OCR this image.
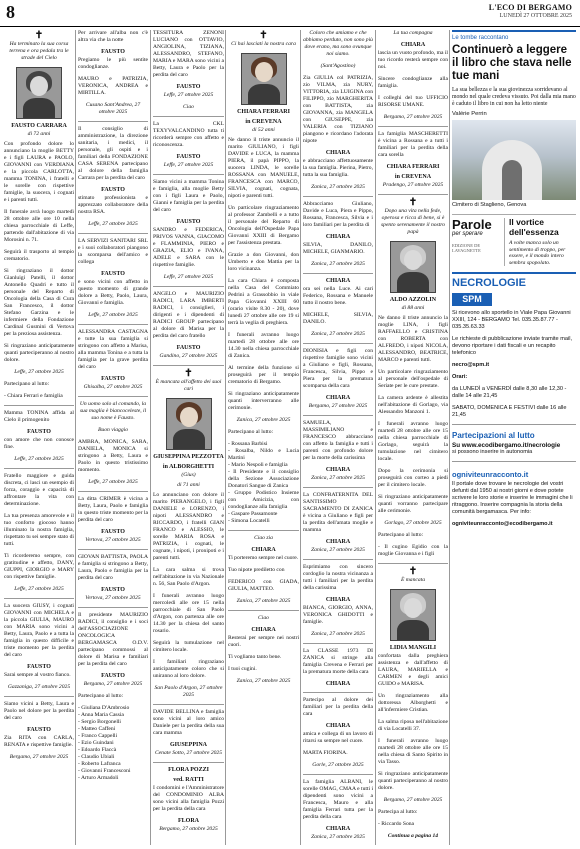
8	L'ECO DI BERGAMO
LUNEDÌ 27 OTTOBRE 2025
✝

Ha terminato la sua corsa terrena e ora pedala tra le strade del Cielo

FAUSTO CARRARA
di 72 anni

Con profondo dolore lo annunciano la moglie BETTY e i figli LAURA e PAOLO, GIOVANNI con VERDIANA e la piccola CARLOTTA, mamma TONINA, i fratelli e le sorelle con rispettive famiglie, la suocera, i cognati e i parenti tutti.

Il funerale avrà luogo martedì 28 ottobre alle ore 10 nella chiesa parrocchiale di Leffe, partendo dall'abitazione di via Morosini n. 71.

Seguirà il trasporto al tempio crematorio.

Si ringraziano il dottor Gianluigi Patelli, il dottor Antonello Quadri e tutto il personale del Reparto di Oncologia della Casa di Cura San Francesco, il dottor Stefano Garzina e le infermiere della Fondazione Cardinal Gusmini di Vertova per la preziosa assistenza.

Si ringraziano anticipatamente quanti parteciperanno al nostro dolore.

Leffe, 27 ottobre 2025

Partecipano al lutto:

- Chiara Ferrari e famiglia

Mamma TONINA affida al Cielo il primogenito

FAUSTO

con amore che non conosce fine.

Leffe, 27 ottobre 2025

Fratello maggiore e guida discreta, ci lasci un esempio di forza, coraggio e capacità di affrontare la vita con determinazione.

La tua presenza amorevole e il tuo conforto giocoso hanno illuminato la nostra famiglia, rispettato tu sei sempre stato di tutti.

Ti ricorderemo sempre, con gratitudine e affetto, DANY, GIUPPI, GIORGIO e MARY con rispettive famiglie.

Leffe, 27 ottobre 2025

La suocera GIUSY, i cognati GIOVANNI con MICHELA e la piccola GIULIA, MAURO con MARIA sono vicini a Betty, Laura, Paolo e a tutta la famiglia in questo difficile e triste momento per la perdita del caro

FAUSTO

Sarai sempre al vostro fianco.

Gazzaniga, 27 ottobre 2025

Siamo vicini a Betty, Laura e Paolo nel dolore per la perdita del caro

FAUSTO

Zia RITA con CARLA, RENATA e rispettive famiglie.

Bergamo, 27 ottobre 2025

Per arrivare all'alba non c'è altra via che la notte

FAUSTO

Pregiamo le più sentite condoglianze.

MAURO e PATRIZIA, VERONICA, ANDREA e MIRTILLA.

Cusano Sant'Andrea, 27 ottobre 2025

Il consiglio di amministrazione, la direzione sanitaria, i medici, il personale, gli ospiti e i familiari della FONDAZIONE CASA SERENA partecipano al dolore della famiglia Carrara per la perdita del caro

FAUSTO

stimato professionista e apprezzato collaboratore della nostra RSA.

Leffe, 27 ottobre 2025

LA SERVIZI SANITARI SRL e i suoi collaboratori piangono la scomparsa dell'amico e collega

FAUSTO

e sono vicini con affetto in questo momento di grande dolore a Betty, Paolo, Laura, Giovanni e famiglia.

Leffe, 27 ottobre 2025

ALESSANDRA CASTAGNA e tutte la sua famiglia si stringono con affetto a Marisa, alla mamma Tonina e a tutta la famiglia per la grave perdita del caro

FAUSTO

Ghisalba, 27 ottobre 2025

Un uomo solo al comando, la sua maglia è biancoceleste, il suo nome è Fausto.

Buon viaggio

AMBRA, MONICA, SARA, DANIELA, MONICA si stringono a Betty, Laura e Paolo in questo tristissimo momento.

Leffe, 27 ottobre 2025

La ditta CRIMER è vicina a Betty, Laura, Paolo e famiglia in questo triste momento per la perdita del caro

FAUSTO

Vertova, 27 ottobre 2025

GIOVAN BATTISTA, PAOLA e famiglia si stringono a Betty, Laura, Paolo e famiglia per la perdita del caro

FAUSTO

Vertova, 27 ottobre 2025

Il presidente MAURIZIO RADICI, il consiglio e i soci dell'ASSOCIAZIONE ONCOLOGICA BERGAMASCA O.D.V. partecipano commossi al dolore di Marisa e familiari per la perdita del caro

FAUSTO

Bergamo, 27 ottobre 2025

Partecipano al lutto:

- Giuliana D'Ambrosio
- Anna Maria Cassia
- Sergio Borgonelli
- Matteo Caffeni
- Franco Cappelli
- Ezio Guindani
- Edoardo Flaccà
- Claudio Ubiali
- Roberto Lafranca
- Giovanni Francesconi
- Arturo Armadoli

TESSITURA ZENONI LUCIANO con OTTAVIO, ANGIOLINA, TIZIANA, ALESSANDRO, STEFANO, MARIA e MARA sono vicini a Betty, Laura e Paolo per la perdita del caro

FAUSTO

Leffe, 27 ottobre 2025

Ciao

La CKL TEXYVALCANDINO tutta ti ricorderà sempre con affetto e riconoscenza.

FAUSTO

Leffe, 27 ottobre 2025

Siamo vicini a mamma Tonina e famiglia, alla moglie Betty con i figli Laura e Paolo, Gianni e famiglia per la perdita del caro

FAUSTO

SANDRO e FEDERICA, PRIVOS VANNA, GIACOMO e FLAMMINIA, PIERO e GRAZIA, ELIO e IVANA, ADELE e SARA con le rispettive famiglie.

Leffe, 27 ottobre 2025

ANGELO e MAURIZIO RADICI, LARA IMBERTI RADICI, i consiglieri, i dirigenti e i dipendenti di RADICI GROUP partecipano al dolore di Marisa per la perdita del caro fratello

FAUSTO

Gandino, 27 ottobre 2025

✝

È mancata all'affetto dei suoi cari

GIUSEPPINA PEZZOTTA
in ALBORGHETTI
(Gius)
di 71 anni

Lo annunciano con dolore il marito PIERANGELO, i figli DANIELE e LORENZO, i nipoti ALESSANDRO e RICCARDO, i fratelli GIAN FRANCO e ALESSIO, le sorelle MARIA ROSA e PATRIZIA, i cognati, le cognate, i nipoti, i pronipoti e i parenti tutti.

La cara salma si trova nell'abitazione in via Nazionale n. 56, San Paolo d'Argon.

I funerali avranno luogo mercoledì alle ore 15 nella parrocchiale di San Paolo d'Argon, con partenza alle ore 14.30 per la chiesa del santo rosario.

Seguirà la tumulazione nel cimitero locale.

I familiari ringraziano anticipatamente coloro che si uniranno al loro dolore.

San Paolo d'Argon, 27 ottobre 2025

DAVIDE BELLINA e famiglia sono vicini al loro amico Daniele per la perdita della sua cara mamma

GIUSEPPINA

Cenate Sotto, 27 ottobre 2025

FLORA POZZI
ved. RATTI

I condomini e l'Amministratore del CONDOMINIO ALBA sono vicini alla famiglia Pozzi per la perdita della cara

FLORA

Bergamo, 27 ottobre 2025

✝

Ci hai lasciati la nostra cara

CHIARA FERRARI
in CREVENA
di 52 anni

Ne danno il triste annuncio il marito GIULIANO, i figli DAVIDE e LUCA, la mamma PIERA, il papà PIPPO, la suocera LINDA, le sorelle ROSSANA con MANUELE, FRANCESCA con MARCO, SILVIA, cognati, cognata, nipoti e parenti tutti.

Un particolare ringraziamento al professor Zambelli e a tutto il personale del Reparto di Oncologia dell'Ospedale Papa Giovanni XXIII di Bergamo per l'assistenza prestata.

Grazie a don Giovanni, don Umberto e don Mattia per la loro vicinanza.

La cara Chiara è composta nella Casa del Commiato Pedrinì a Grassobbio in viale Papa Giovanni XXIII 60 (orario visite 8.30 - 20), dove lunedì 27 ottobre alle ore 19 si terrà la veglia di preghiera.

I funerali avranno luogo martedì 28 ottobre alle ore 14.30 nella chiesa parrocchiale di Zanica.

Al termine della funzione si proseguirà per il tempio crematorio di Bergamo.

Si ringraziano anticipatamente quanti interverranno alle cerimonie.

Zanica, 27 ottobre 2025

Partecipano al lutto:

- Rossana Barbisi
- Rosalba, Nildo e Lucia Martini
- Mario Nespoli e famiglia
- Il Presidente e il consiglio della Sezione Associazione Donatori Sangue di Zanica
- Gruppo Podistico Insieme con Amicizia, con condoglianze alla famiglia
- Gaspare Passamonte
- Simona Locatelli

Ciao zia

CHIARA

Ti porteremo sempre nel cuore.

Tuo nipote prediletto con

FEDERICO con GIADA, GIULIA, MATTEO.

Zanica, 27 ottobre 2025

Ciao

CHIARA

Resterai per sempre nei nostri cuori.

Ti vogliamo tanto bene.

I tuoi cugini.

Zanica, 27 ottobre 2025

Coloro che amiamo e che abbiamo perduto, non sono più dove erano, ma sono ovunque noi siamo.

(Sant'Agostino)

Zia GIULIA col PATRIZIA, zio VILMA, zia NURY, VITTORIA, zia LUIGINA con FILIPPO, zio MARGHERITA con BATTISTA, zia GIOVANNA, zia MANGELA con GIUSEPPE, zia VALERIA con TIZIANO piangono e ricordano l'adorata nipote

CHIARA

e abbracciano affettuosamente la sua famiglia. Pierina, Pietro, tutta la sua famiglia.

Zanica, 27 ottobre 2025

Abbracciamo Giuliano, Davide e Luca, Piera e Pippo, Rossana, Francesca, Silvia e i loro familiari per la perdita di

CHIARA

SILVIA, DANILO, MICHELE, GIANMARIO.

Zanica, 27 ottobre 2025

CHIARA

ora sei nella Luce. Ai cari Federico, Rossana e Manuele tutto il nostro bene.

MICHELE, SILVIA, DANILO.

Zanica, 27 ottobre 2025

DIONISIA e figli con rispettive famiglie sono vicini a Giuliano e figli, Rossana, Francesca, Silvia, Pippo e Piera per la prematura scomparsa della cara

CHIARA

Bergamo, 27 ottobre 2025

SAMUELA, MASSIMILIANO e FRANCESCO abbracciano con affetto la famiglia e tutti i parenti con profondo dolore per la morte della carissima

CHIARA

Zanica, 27 ottobre 2025

La CONFRATERNITA DEL SANTISSIMO SACRAMENTO DI ZANICA è vicina a Giuliano e figli per la perdita dell'amata moglie e mamma

CHIARA

Zanica, 27 ottobre 2025

Esprimiamo con sincero cordoglio la nostra vicinanza a tutti i familiari per la perdita della carissima

CHIARA

BIANCA, GIORGIO, ANNA, VERONICA GHIDOTTI e famiglie.

Zanica, 27 ottobre 2025

La CLASSE 1973 DI ZANICA si stringe alla famiglia Crevena e Ferrari per la prematura morte della cara

CHIARA

Partecipo al dolore dei familiari per la perdita della cara

CHIARA

amica e collega di un lavoro di ritarsi su sempre nel cuore.

MARTA FIORINA.

Gorle, 27 ottobre 2025

La famiglia ALBANI, le sorelle OMAG, CMAA e tutti i dipendenti sono vicini a Francesca, Mauro e alla famiglia Ferrari tutta per la perdita della cara

CHIARA

Zanica, 27 ottobre 2025

La tua compagna

CHIARA

lascia un vuoto profondo, ma il tuo ricordo resterà sempre con noi.

Sincere condoglianze alla famiglia.

I colleghi del tuo UFFICIO RISORSE UMANE.

Bergamo, 27 ottobre 2025

La famiglia MASCHERETTI è vicina a Rossana e a tutti i familiari per la perdita della cara sorella

CHIARA FERRARI
in CREVENA

Pradengo, 27 ottobre 2025

✝

Dopo una vita nella fede, operosa e ricca di bene, si è spento serenamente il nostro papà

ALDO AZZOLIN
di 88 anni

Ne danno il triste annuncio la moglie LINA, i figli RAFFAELLO e CRISTINA con ROBERTA con ALFREDO, i nipoti NICOLA, ALESSANDRO, BEATRICE, MARCO e parenti tutti.

Un particolare ringraziamento al personale dell'ospedale di Seriate per le cure prestate.

La camera ardente è allestita nell'abitazione di Gorlago, via Alessandro Manzoni 1.

I funerali avranno luogo martedì 28 ottobre alle ore 15 nella chiesa parrocchiale di Gorlago, seguirà la tumulazione nel cimitero locale.

Dopo la cerimonia si proseguirà con corteo a piedi per il cimitero locale.

Si ringraziano anticipatamente quanti vorranno partecipare alle cerimonie.

Gorlago, 27 ottobre 2025

Partecipano al lutto:

- Il cugino Egidio con la moglie Giovanna e i figli

✝

È mancata

LIDIA MANGILI

confortata dalla preghiera assistenza e dall'affetto di LAURA, MARIELLA e CARMEN e degli amici GUIDO e MARISA.

Un ringraziamento alla dottoressa Alborghetti e all'infermiere Cristian.

La salma riposa nell'abitazione di via Locatelli 37.

I funerali avranno luogo martedì 28 ottobre alle ore 15 nella chiesa di Santo Spirito in via Tasso.

Si ringraziano anticipatamente quanti parteciperanno al nostro dolore.

Bergamo, 27 ottobre 2025

Partecipa al lutto:

- Riccardo Sona

Continua a pagina 14

Le tombe raccontano
Continuerò a leggere il libro che stava nelle tue mani

La sua bellezza e la sua giovinezza sorridevano al mondo nel quale credeva vissuto. Poi dalla mia mano è caduto il libro in cui non ha letto niente

Valérie Perrin
Cimitero di Staglieno, Genova
Parole
per sperare
EDIZIONE DE LAVAGNETTE
Il vortice dell'essenza
A volte manca solo un sentimento di troppo, per essere, e il mondo intero sembra spopolato.
NECROLOGIE
SPM

Si ricevono allo sportello in Viale Papa Giovanni XXIII, 124 - BERGAMO Tel. 035.35.87.77 - 035.35.63.33

Le richieste di pubblicazione inviate tramite mail, devono riportare i dati fiscali e un recapito telefonico

necro@spm.it

Orari:

da LUNEDÌ a VENERDÌ dalle 8,30 alle 12,30 - dalle 14 alle 21,45

SABATO, DOMENICA E FESTIVI dalle 16 alle 21,45

Partecipazioni al lutto
Su www.ecodibergamo.it/necrologie

si possono inserire in autonomia

ogniviteunracconto.it

Il portale dove trovare le necrologie dei vostri defunti dal 1950 ai nostri giorni e dove potete scrivere le loro storie e inserire le immagini che li ritraggono. Inserire compagnia la storia della comunità bergamasca. Per info:

ogniviteunracconto@ecodibergamo.it
